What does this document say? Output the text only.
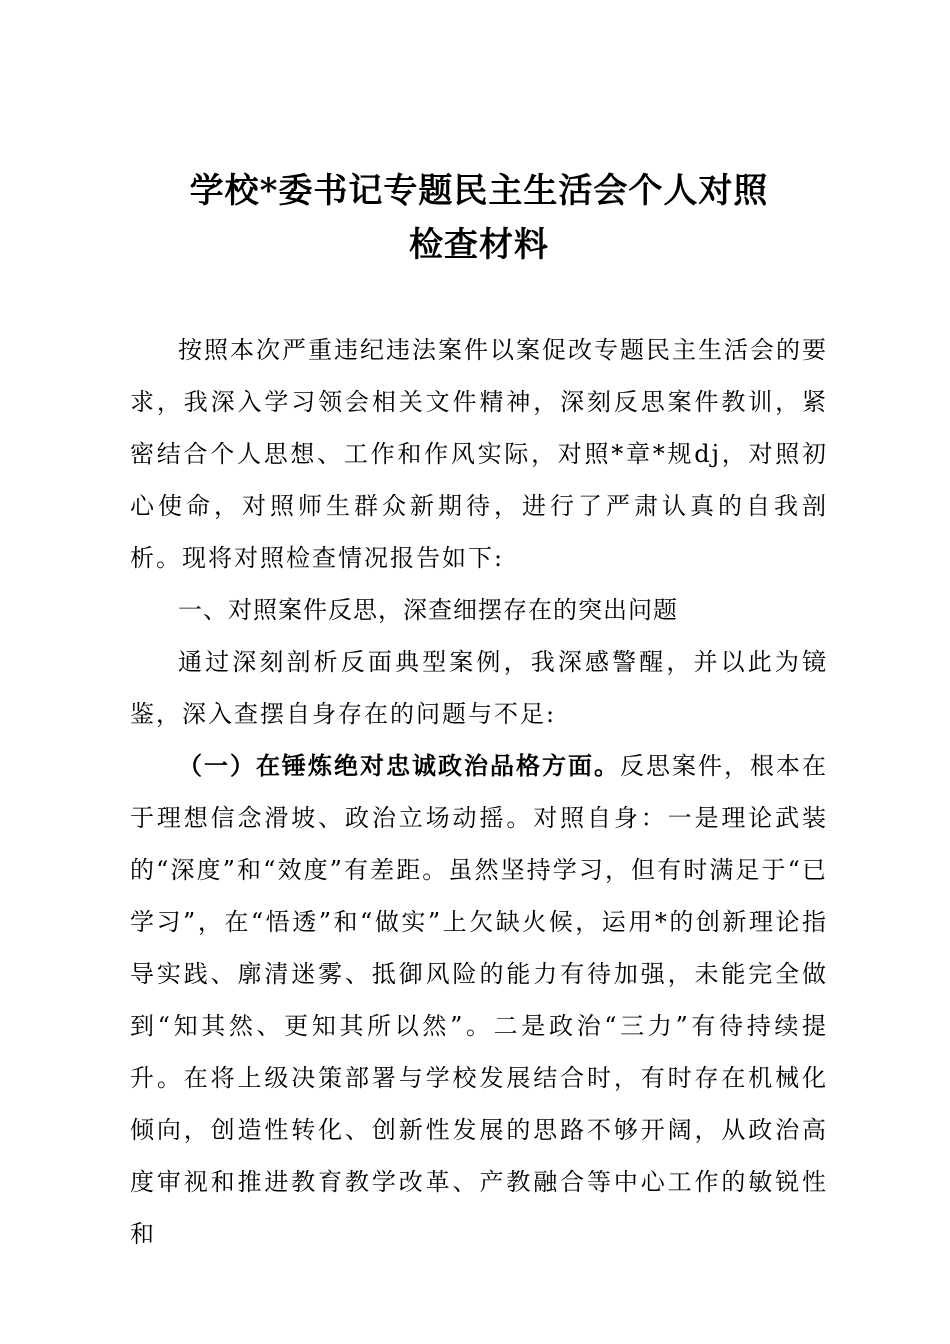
学校*委书记专题民主生活会个人对照
检查材料

按照本次严重违纪违法案件以案促改专题民主生活会的要求，我深入学习领会相关文件精神，深刻反思案件教训，紧密结合个人思想、工作和作风实际，对照*章*规dj，对照初心使命，对照师生群众新期待，进行了严肃认真的自我剖析。现将对照检查情况报告如下:

一、对照案件反思，深查细摆存在的突出问题

通过深刻剖析反面典型案例，我深感警醒，并以此为镜鉴，深入查摆自身存在的问题与不足:

（一）在锤炼绝对忠诚政治品格方面。反思案件，根本在于理想信念滑坡、政治立场动摇。对照自身：一是理论武装的“深度”和“效度”有差距。虽然坚持学习，但有时满足于“已学习”，在“悟透”和“做实”上欠缺火候，运用*的创新理论指导实践、廓清迷雾、抵御风险的能力有待加强，未能完全做到“知其然、更知其所以然”。二是政治“三力”有待持续提升。在将上级决策部署与学校发展结合时，有时存在机械化倾向，创造性转化、创新性发展的思路不够开阔，从政治高度审视和推进教育教学改革、产教融合等中心工作的敏锐性和
